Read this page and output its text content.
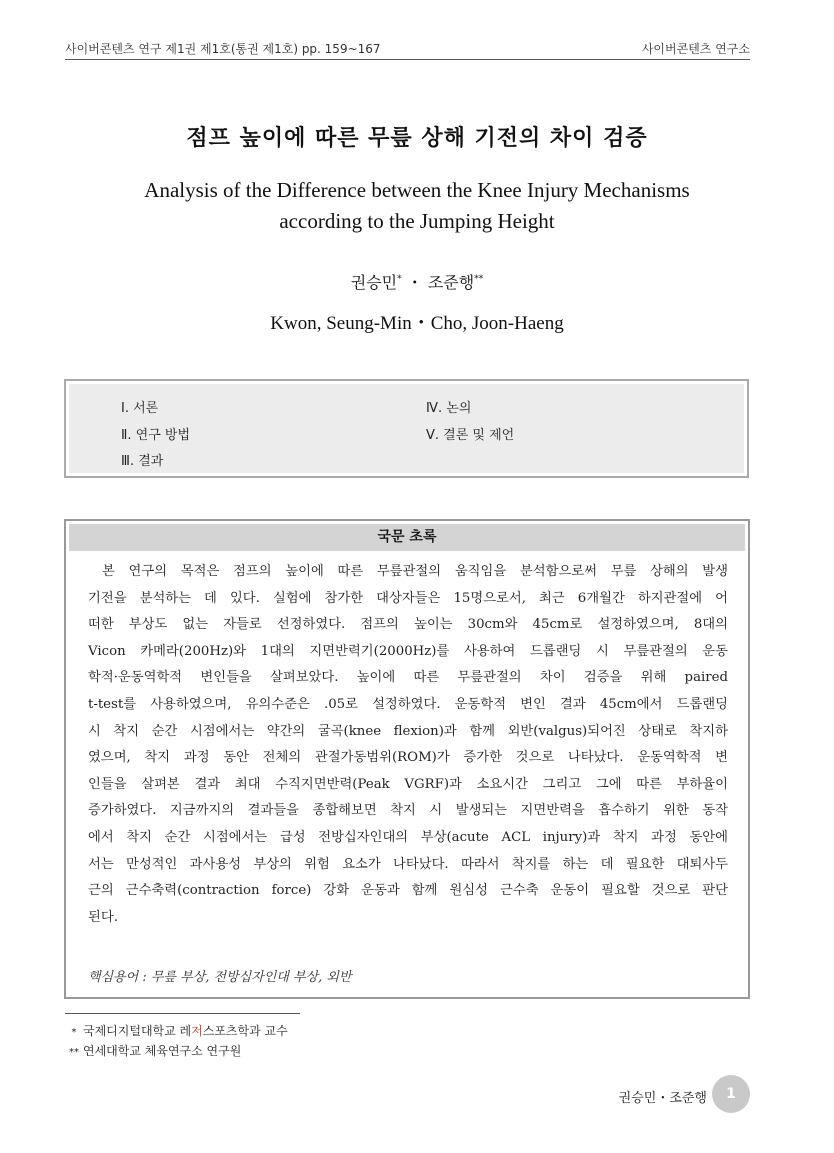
사이버콘텐츠 연구 제1권 제1호(통권 제1호) pp. 159~167	사이버콘텐츠 연구소
점프 높이에 따른 무릎 상해 기전의 차이 검증
Analysis of the Difference between the Knee Injury Mechanisms
according to the Jumping Height
권승민* ・ 조준행**
Kwon, Seung-Min・Cho, Joon-Haeng
Ⅰ. 서론
Ⅱ. 연구 방법
Ⅲ. 결과
Ⅳ. 논의
Ⅴ. 결론 및 제언
국문 초록
본 연구의 목적은 점프의 높이에 따른 무릎관절의 움직임을 분석함으로써 무릎 상해의 발생
기전을 분석하는 데 있다. 실험에 참가한 대상자들은 15명으로서, 최근 6개월간 하지관절에 어
떠한 부상도 없는 자들로 선정하였다. 점프의 높이는 30cm와 45cm로 설정하였으며, 8대의
Vicon 카메라(200Hz)와 1대의 지면반력기(2000Hz)를 사용하여 드롭랜딩 시 무릎관절의 운동
학적·운동역학적 변인들을 살펴보았다. 높이에 따른 무릎관절의 차이 검증을 위해 paired
t-test를 사용하였으며, 유의수준은 .05로 설정하였다. 운동학적 변인 결과 45cm에서 드롭랜딩
시 착지 순간 시점에서는 약간의 굴곡(knee flexion)과 함께 외반(valgus)되어진 상태로 착지하
였으며, 착지 과정 동안 전체의 관절가동범위(ROM)가 증가한 것으로 나타났다. 운동역학적 변
인들을 살펴본 결과 최대 수직지면반력(Peak VGRF)과 소요시간 그리고 그에 따른 부하율이
증가하였다. 지금까지의 결과들을 종합해보면 착지 시 발생되는 지면반력을 흡수하기 위한 동작
에서 착지 순간 시점에서는 급성 전방십자인대의 부상(acute ACL injury)과 착지 과정 동안에
서는 만성적인 과사용성 부상의 위험 요소가 나타났다. 따라서 착지를 하는 데 필요한 대퇴사두
근의 근수축력(contraction force) 강화 운동과 함께 원심성 근수축 운동이 필요할 것으로 판단
된다.
핵심용어 : 무릎 부상, 전방십자인대 부상, 외반
* 국제디지털대학교 레저스포츠학과 교수
** 연세대학교 체육연구소 연구원
권승민・조준행	1
